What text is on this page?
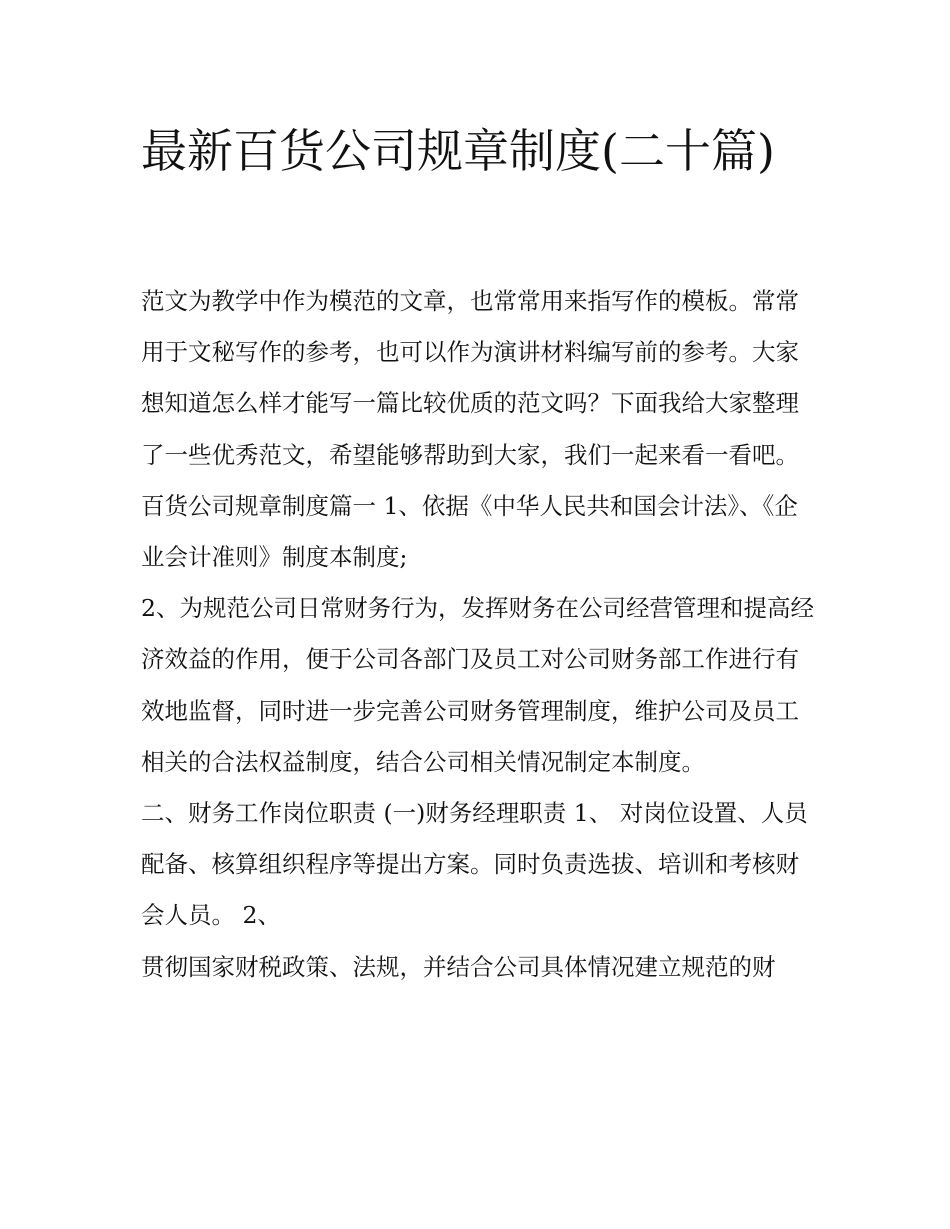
最新百货公司规章制度(二十篇)

范文为教学中作为模范的文章，也常常用来指写作的模板。常常用于文秘写作的参考，也可以作为演讲材料编写前的参考。大家想知道怎么样才能写一篇比较优质的范文吗？下面我给大家整理了一些优秀范文，希望能够帮助到大家，我们一起来看一看吧。

百货公司规章制度篇一 1、依据《中华人民共和国会计法》、《企业会计准则》制度本制度;

2、为规范公司日常财务行为，发挥财务在公司经营管理和提高经济效益的作用，便于公司各部门及员工对公司财务部工作进行有效地监督，同时进一步完善公司财务管理制度，维护公司及员工相关的合法权益制度，结合公司相关情况制定本制度。

二、财务工作岗位职责 (一)财务经理职责 1、 对岗位设置、人员配备、核算组织程序等提出方案。同时负责选拔、培训和考核财会人员。 2、

贯彻国家财税政策、法规，并结合公司具体情况建立规范的财
